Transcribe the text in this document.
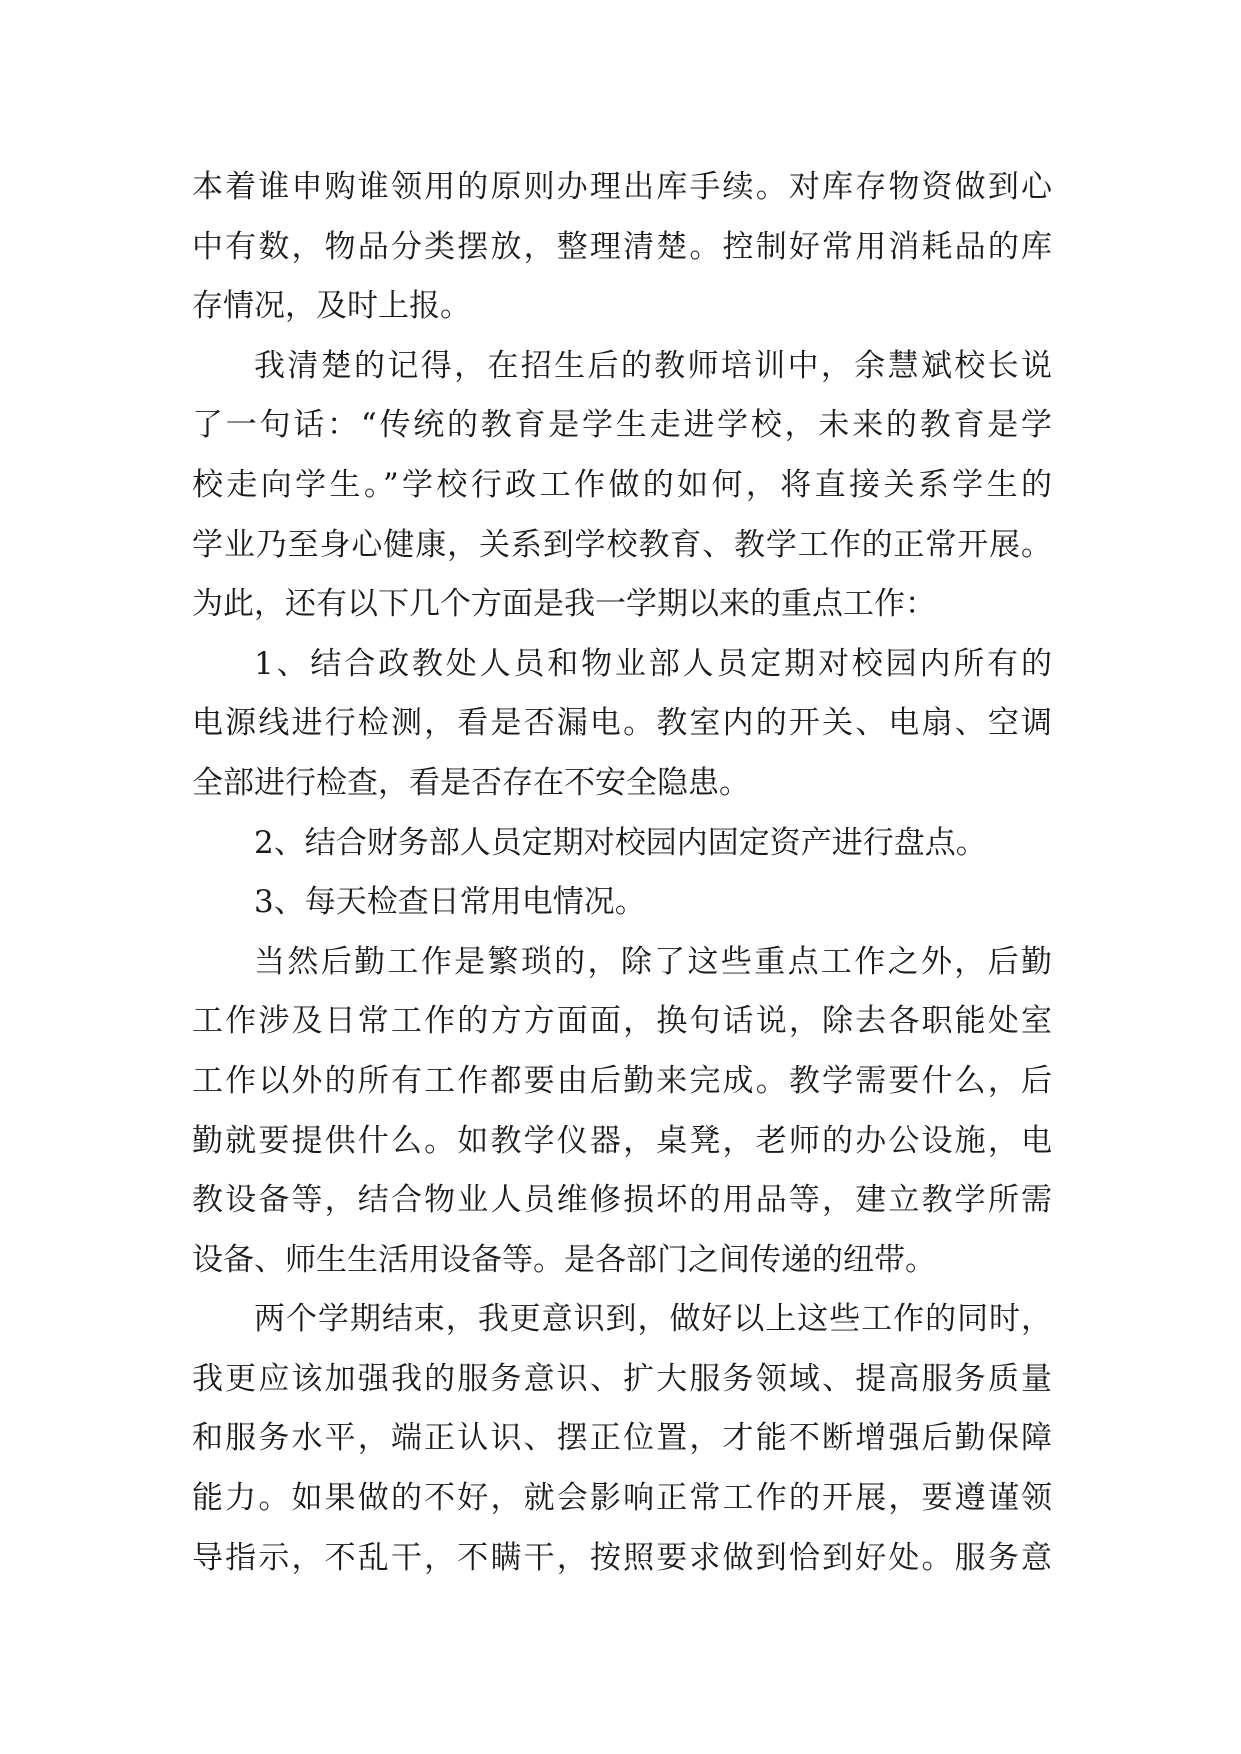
本着谁申购谁领用的原则办理出库手续。对库存物资做到心
中有数，物品分类摆放，整理清楚。控制好常用消耗品的库
存情况，及时上报。
我清楚的记得，在招生后的教师培训中，余慧斌校长说
了一句话：“传统的教育是学生走进学校，未来的教育是学
校走向学生。”学校行政工作做的如何，将直接关系学生的
学业乃至身心健康，关系到学校教育、教学工作的正常开展。
为此，还有以下几个方面是我一学期以来的重点工作：
1、结合政教处人员和物业部人员定期对校园内所有的
电源线进行检测，看是否漏电。教室内的开关、电扇、空调
全部进行检查，看是否存在不安全隐患。
2、结合财务部人员定期对校园内固定资产进行盘点。
3、每天检查日常用电情况。
当然后勤工作是繁琐的，除了这些重点工作之外，后勤
工作涉及日常工作的方方面面，换句话说，除去各职能处室
工作以外的所有工作都要由后勤来完成。教学需要什么，后
勤就要提供什么。如教学仪器，桌凳，老师的办公设施，电
教设备等，结合物业人员维修损坏的用品等，建立教学所需
设备、师生生活用设备等。是各部门之间传递的纽带。
两个学期结束，我更意识到，做好以上这些工作的同时，
我更应该加强我的服务意识、扩大服务领域、提高服务质量
和服务水平，端正认识、摆正位置，才能不断增强后勤保障
能力。如果做的不好，就会影响正常工作的开展，要遵谨领
导指示，不乱干，不瞒干，按照要求做到恰到好处。服务意
